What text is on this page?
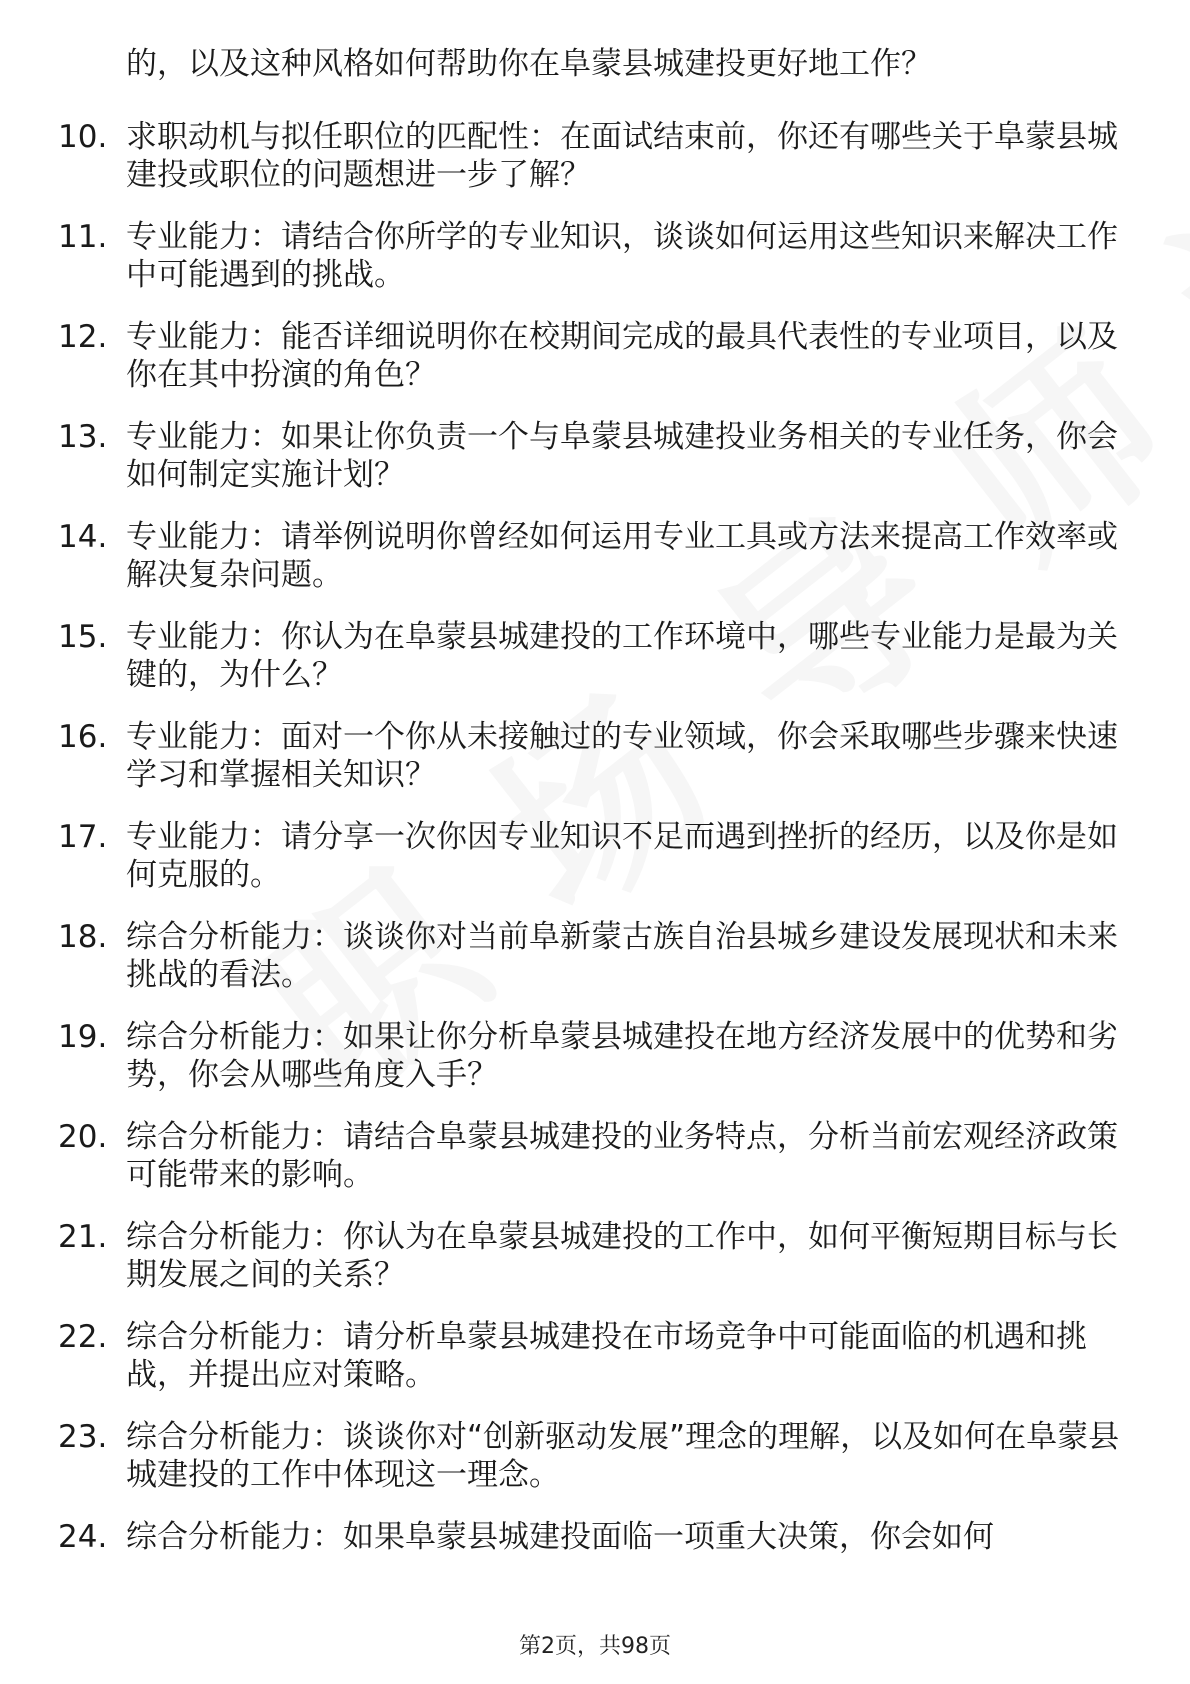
的，以及这种风格如何帮助你在阜蒙县城建投更好地工作？
10. 求职动机与拟任职位的匹配性：在面试结束前，你还有哪些关于阜蒙县城建投或职位的问题想进一步了解？
11. 专业能力：请结合你所学的专业知识，谈谈如何运用这些知识来解决工作中可能遇到的挑战。
12. 专业能力：能否详细说明你在校期间完成的最具代表性的专业项目，以及你在其中扮演的角色？
13. 专业能力：如果让你负责一个与阜蒙县城建投业务相关的专业任务，你会如何制定实施计划？
14. 专业能力：请举例说明你曾经如何运用专业工具或方法来提高工作效率或解决复杂问题。
15. 专业能力：你认为在阜蒙县城建投的工作环境中，哪些专业能力是最为关键的，为什么？
16. 专业能力：面对一个你从未接触过的专业领域，你会采取哪些步骤来快速学习和掌握相关知识？
17. 专业能力：请分享一次你因专业知识不足而遇到挫折的经历，以及你是如何克服的。
18. 综合分析能力：谈谈你对当前阜新蒙古族自治县城乡建设发展现状和未来挑战的看法。
19. 综合分析能力：如果让你分析阜蒙县城建投在地方经济发展中的优势和劣势，你会从哪些角度入手？
20. 综合分析能力：请结合阜蒙县城建投的业务特点，分析当前宏观经济政策可能带来的影响。
21. 综合分析能力：你认为在阜蒙县城建投的工作中，如何平衡短期目标与长期发展之间的关系？
22. 综合分析能力：请分析阜蒙县城建投在市场竞争中可能面临的机遇和挑战，并提出应对策略。
23. 综合分析能力：谈谈你对“创新驱动发展”理念的理解，以及如何在阜蒙县城建投的工作中体现这一理念。
24. 综合分析能力：如果阜蒙县城建投面临一项重大决策，你会如何
第2页，共98页
